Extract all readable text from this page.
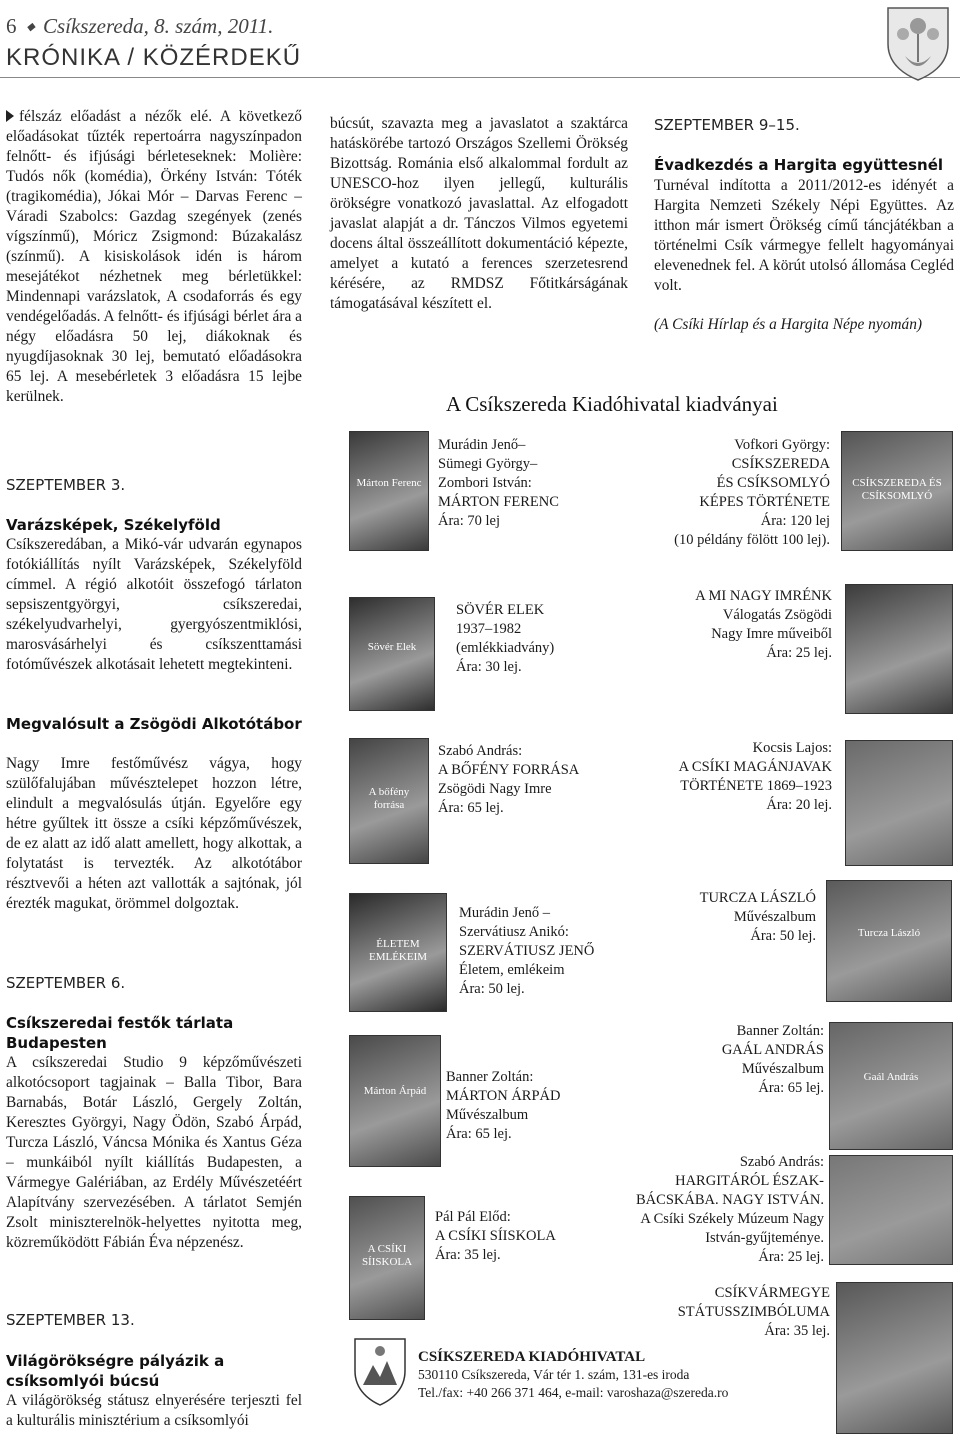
6 ◆ Csíkszereda, 8. szám, 2011.
KRÓNIKA / KÖZÉRDEKŰ

félszáz előadást a nézők elé. A következő előadásokat tűzték repertoárra nagyszínpadon felnőtt- és ifjúsági bérleteseknek: Molière: Tudós nők (komédia), Örkény István: Tóték (tragikomédia), Jókai Mór – Darvas Ferenc – Váradi Szabolcs: Gazdag szegények (zenés vígszínmű), Móricz Zsigmond: Búzakalász (színmű). A kisiskolások idén is három mesejátékot nézhetnek meg bérletükkel: Mindennapi varázslatok, A csodaforrás és egy vendégelőadás. A felnőtt- és ifjúsági bérlet ára a négy előadásra 50 lej, diákoknak és nyugdíjasoknak 30 lej, bemutató előadásokra 65 lej. A mesebérletek 3 előadásra 15 lejbe kerülnek.

SZEPTEMBER 3.
Varázsképek, Székelyföld
Csíkszeredában, a Mikó-vár udvarán egynapos fotókiállítás nyílt Varázsképek, Székelyföld címmel. A régió alkotóit összefogó tárlaton sepsiszentgyörgyi, csíkszeredai, székelyudvarhelyi, gyergyószentmiklósi, marosvásárhelyi és csíkszenttamási fotóművészek alkotásait lehetett megtekinteni.
Megvalósult a Zsögödi Alkotótábor
Nagy Imre festőművész vágya, hogy szülőfalujában művésztelepet hozzon létre, elindult a megvalósulás útján. Egyelőre egy hétre gyűltek itt össze a csíki képzőművészek, de ez alatt az idő alatt amellett, hogy alkottak, a folytatást is tervezték. Az alkotótábor résztvevői a héten azt vallották a sajtónak, jól érezték magukat, örömmel dolgoztak.
SZEPTEMBER 6.
Csíkszeredai festők tárlata Budapesten
A csíkszeredai Studio 9 képzőművészeti alkotócsoport tagjainak – Balla Tibor, Bara Barnabás, Botár László, Gergely Zoltán, Keresztes Györgyi, Nagy Ödön, Szabó Árpád, Turcza László, Váncsa Mónika és Xantus Géza – munkáiból nyílt kiállítás Budapesten, a Vármegye Galériában, az Erdély Művészetéért Alapítvány szervezésében. A tárlatot Semjén Zsolt miniszterelnök-helyettes nyitotta meg, közreműködött Fábián Éva népzenész.
SZEPTEMBER 13.
Világörökségre pályázik a csíksomlyói búcsú
A világörökség státusz elnyerésére terjeszti fel a kulturális minisztérium a csíksomlyói
búcsút, szavazta meg a javaslatot a szaktárca hatáskörébe tartozó Országos Szellemi Örökség Bizottság. Románia első alkalommal fordult az UNESCO-hoz ilyen jellegű, kulturális örökségre vonatkozó javaslattal. Az elfogadott javaslat alapját a dr. Tánczos Vilmos egyetemi docens által összeállított dokumentáció képezte, amelyet a kutató a ferences szerzetesrend kérésére, az RMDSZ Főtitkárságának támogatásával készített el.
SZEPTEMBER 9–15.
Évadkezdés a Hargita együttesnél
Turnéval indította a 2011/2012-es idényét a Hargita Nemzeti Székely Népi Együttes. Az itthon már ismert Örökség című táncjátékban a történelmi Csík vármegye fellelt hagyományai elevenednek fel. A körút utolsó állomása Cegléd volt.
(A Csíki Hírlap és a Hargita Népe nyomán)
A Csíkszereda Kiadóhivatal kiadványai
Márton Ferenc	CSÍKSZEREDA ÉS CSÍKSOMLYÓ
Sövér Elek
A bőfény forrása
ÉLETEM EMLÉKEIM
Turcza László
Gaál András
Márton Árpád
A CSÍKI SÍISKOLA
Murádin Jenő–
Sümegi György–
Zombori István:
MÁRTON FERENC
Ára: 70 lej
Vofkori György:
CSÍKSZEREDA
ÉS CSÍKSOMLYÓ
KÉPES TÖRTÉNETE
Ára: 120 lej
(10 példány fölött 100 lej).
SÖVÉR ELEK
1937–1982
(emlékkiadvány)
Ára: 30 lej.
A MI NAGY IMRÉNK
Válogatás Zsögödi
Nagy Imre műveiből
Ára: 25 lej.
Szabó András:
A BŐFÉNY FORRÁSA
Zsögödi Nagy Imre
Ára: 65 lej.
Kocsis Lajos:
A CSÍKI MAGÁNJAVAK
TÖRTÉNETE 1869–1923
Ára: 20 lej.
Murádin Jenő –
Szervátiusz Anikó:
SZERVÁTIUSZ JENŐ
Életem, emlékeim
Ára: 50 lej.
TURCZA LÁSZLÓ
Művészalbum
Ára: 50 lej.
Banner Zoltán:
GAÁL ANDRÁS
Művészalbum
Ára: 65 lej.
Banner Zoltán:
MÁRTON ÁRPÁD
Művészalbum
Ára: 65 lej.
Szabó András:
HARGITÁRÓL ÉSZAK-
BÁCSKÁBA. NAGY ISTVÁN.
A Csíki Székely Múzeum Nagy
István-gyűjteménye.
Ára: 25 lej.
Pál Pál Előd:
A CSÍKI SÍISKOLA
Ára: 35 lej.
CSÍKVÁRMEGYE
STÁTUSSZIMBÓLUMA
Ára: 35 lej.
CSÍKSZEREDA KIADÓHIVATAL
530110 Csíkszereda, Vár tér 1. szám, 131-es iroda
Tel./fax: +40 266 371 464, e-mail: varoshaza@szereda.ro
